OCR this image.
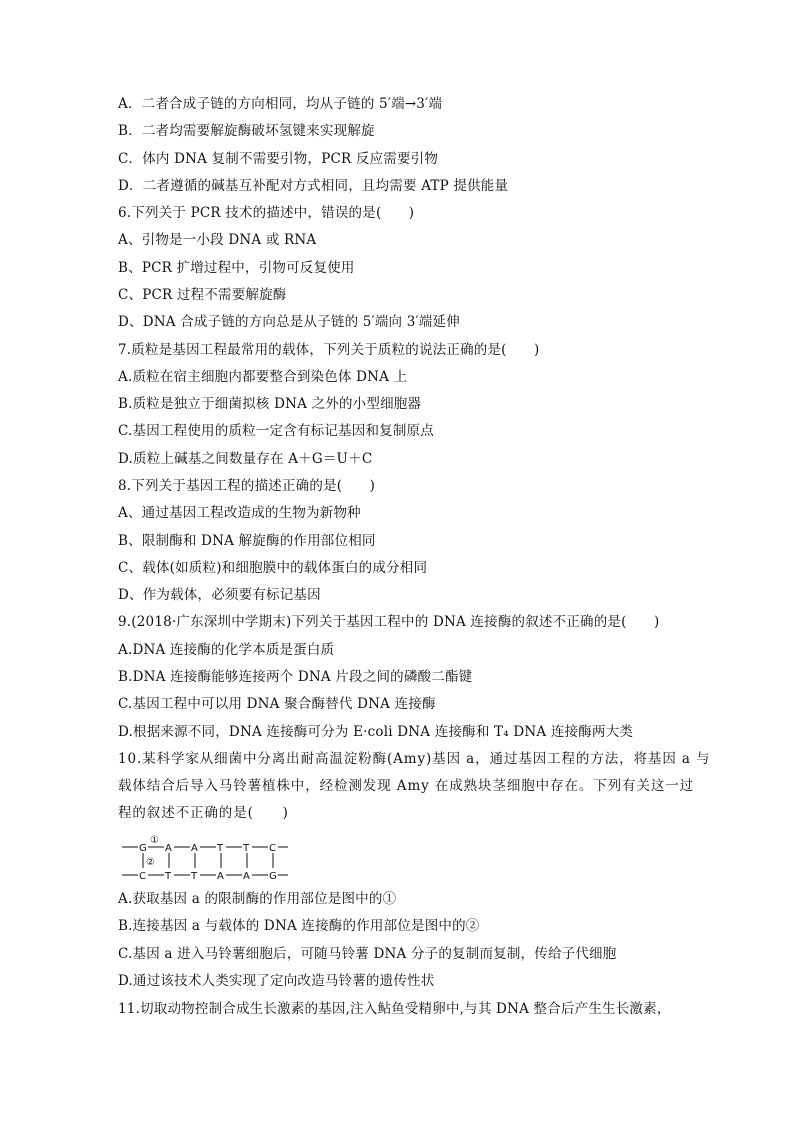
A．二者合成子链的方向相同，均从子链的 5′端→3′端
B．二者均需要解旋酶破坏氢键来实现解旋
C．体内 DNA 复制不需要引物，PCR 反应需要引物
D．二者遵循的碱基互补配对方式相同，且均需要 ATP 提供能量
6.下列关于 PCR 技术的描述中，错误的是(　　)
A、引物是一小段 DNA 或 RNA
B、PCR 扩增过程中，引物可反复使用
C、PCR 过程不需要解旋酶
D、DNA 合成子链的方向总是从子链的 5′端向 3′端延伸
7.质粒是基因工程最常用的载体，下列关于质粒的说法正确的是(　　)
A.质粒在宿主细胞内都要整合到染色体 DNA 上
B.质粒是独立于细菌拟核 DNA 之外的小型细胞器
C.基因工程使用的质粒一定含有标记基因和复制原点
D.质粒上碱基之间数量存在 A＋G＝U＋C
8.下列关于基因工程的描述正确的是(　　)
A、通过基因工程改造成的生物为新物种
B、限制酶和 DNA 解旋酶的作用部位相同
C、载体(如质粒)和细胞膜中的载体蛋白的成分相同
D、作为载体，必须要有标记基因
9.(2018·广东深圳中学期末)下列关于基因工程中的 DNA 连接酶的叙述不正确的是(　　)
A.DNA 连接酶的化学本质是蛋白质
B.DNA 连接酶能够连接两个 DNA 片段之间的磷酸二酯键
C.基因工程中可以用 DNA 聚合酶替代 DNA 连接酶
D.根据来源不同，DNA 连接酶可分为 E·coli DNA 连接酶和 T₄ DNA 连接酶两大类
10.某科学家从细菌中分离出耐高温淀粉酶(Amy)基因 a，通过基因工程的方法，将基因 a 与
载体结合后导入马铃薯植株中，经检测发现 Amy 在成熟块茎细胞中存在。下列有关这一过
程的叙述不正确的是(　　)
G A A T T C
①
②
C T T A A G
A.获取基因 a 的限制酶的作用部位是图中的①
B.连接基因 a 与载体的 DNA 连接酶的作用部位是图中的②
C.基因 a 进入马铃薯细胞后，可随马铃薯 DNA 分子的复制而复制，传给子代细胞
D.通过该技术人类实现了定向改造马铃薯的遗传性状
11.切取动物控制合成生长激素的基因,注入鲇鱼受精卵中,与其 DNA 整合后产生生长激素，
